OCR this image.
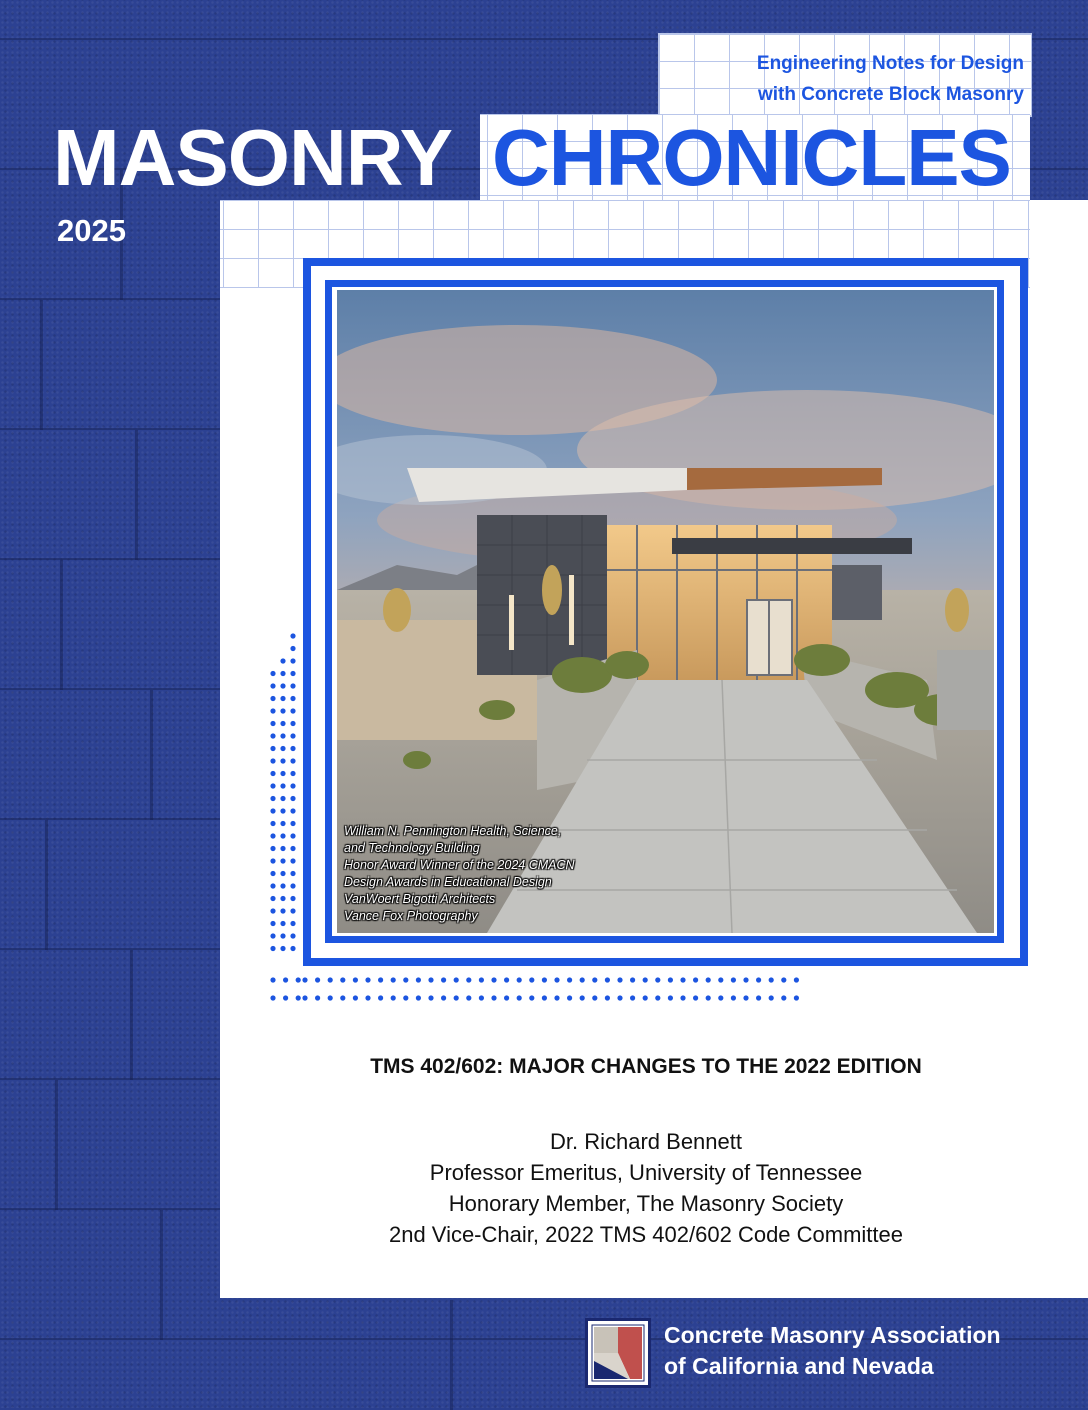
Engineering Notes for Design
with Concrete Block Masonry
MASONRY CHRONICLES
2025
William N. Pennington Health, Science,
and Technology Building
Honor Award Winner of the 2024 CMACN
Design Awards in Educational Design
VanWoert Bigotti Architects
Vance Fox Photography
TMS 402/602: MAJOR CHANGES TO THE 2022 EDITION
Dr. Richard Bennett
Professor Emeritus, University of Tennessee
Honorary Member, The Masonry Society
2nd Vice-Chair, 2022 TMS 402/602 Code Committee
Concrete Masonry Association
of California and Nevada
